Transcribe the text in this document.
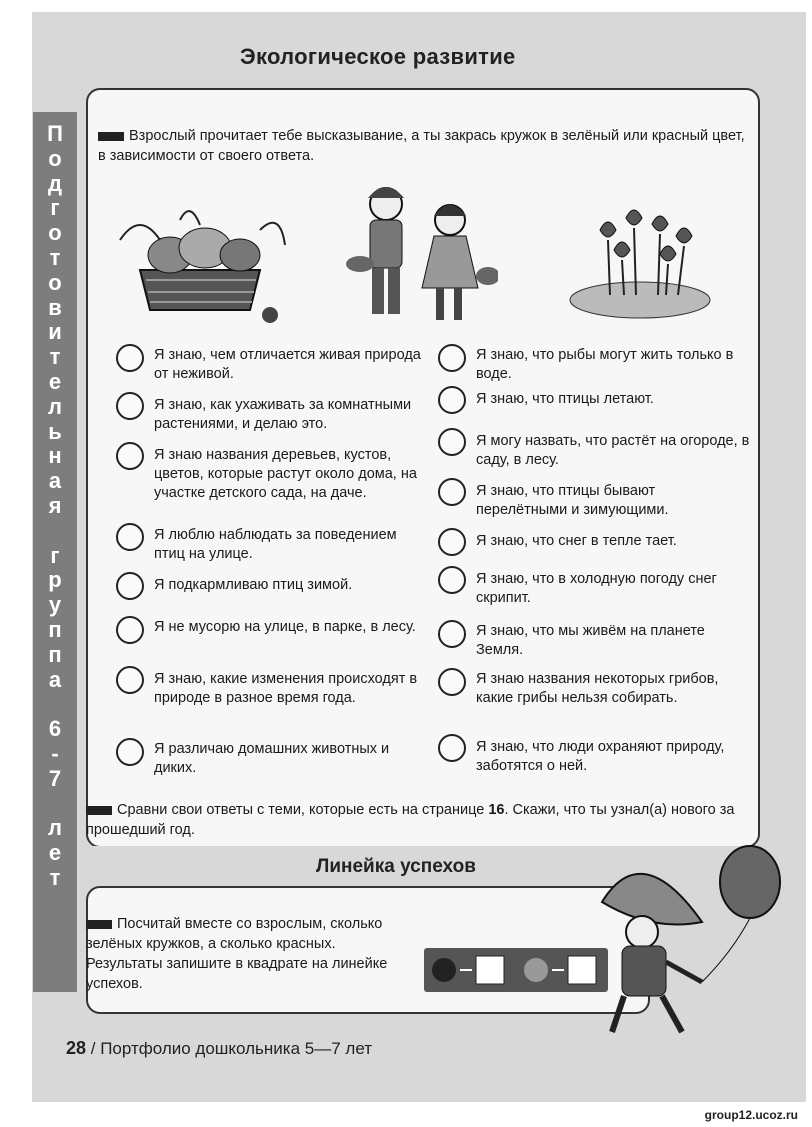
П
о
д
г
о
т
о
в
и
т
е
л
ь
н
а
я

г
р
у
п
п
а

6
-
7

л
е
т
Экологическое развитие
Взрослый прочитает тебе высказывание, а ты закрась кружок в зелёный или красный цвет, в зависимости от своего ответа.
Я знаю, чем отличается живая природа от неживой.
Я знаю, как ухаживать за комнатными растениями, и делаю это.
Я знаю названия деревьев, кустов, цветов, которые растут около дома, на участке детского сада, на даче.
Я люблю наблюдать за поведением птиц на улице.
Я подкармливаю птиц зимой.
Я не мусорю на улице, в парке, в лесу.
Я знаю, какие изменения происходят в природе в разное время года.
Я различаю домашних животных и диких.
Я знаю, что рыбы могут жить только в воде.
Я знаю, что птицы летают.
Я могу назвать, что растёт на огороде, в саду, в лесу.
Я знаю, что птицы бывают перелётными и зимующими.
Я знаю, что снег в тепле тает.
Я знаю, что в холодную погоду снег скрипит.
Я знаю, что мы живём на планете Земля.
Я знаю названия некоторых грибов, какие грибы нельзя собирать.
Я знаю, что люди охраняют природу, заботятся о ней.
Сравни свои ответы с теми, которые есть на странице 16. Скажи, что ты узнал(а) нового за прошедший год.
Линейка успехов
Посчитай вместе со взрослым, сколько зелёных кружков, а сколько красных. Результаты запишите в квадрате на линейке успехов.
28 / Портфолио дошкольника 5—7 лет
group12.ucoz.ru
